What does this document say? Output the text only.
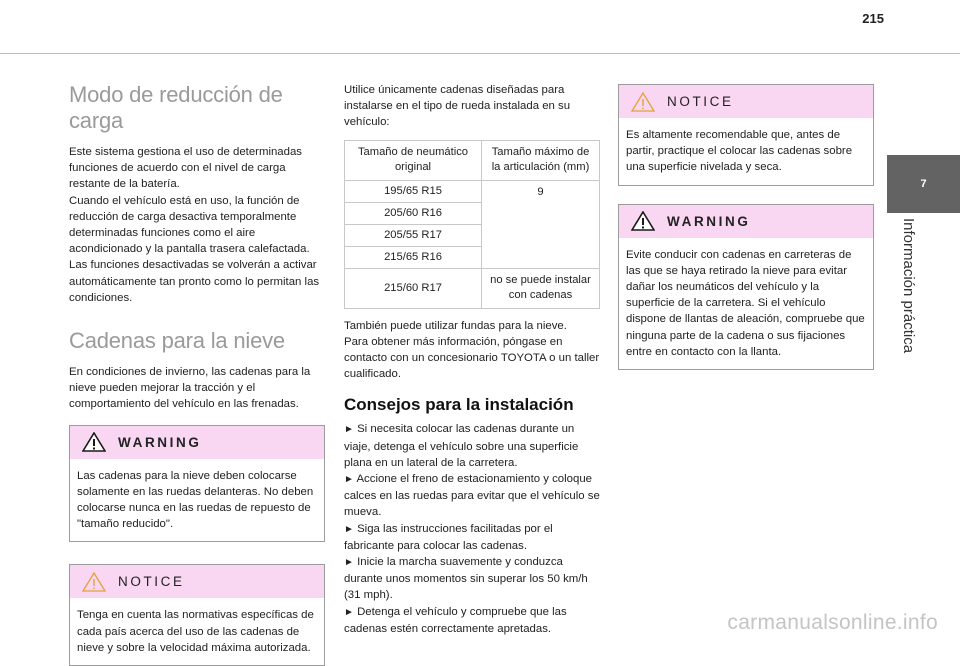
215
7
Información práctica
Modo de reducción de carga

Este sistema gestiona el uso de determinadas funciones de acuerdo con el nivel de carga restante de la batería.

Cuando el vehículo está en uso, la función de reducción de carga desactiva temporalmente determinadas funciones como el aire acondicionado y la pantalla trasera calefactada.

Las funciones desactivadas se volverán a activar automáticamente tan pronto como lo permitan las condiciones.

Cadenas para la nieve

En condiciones de invierno, las cadenas para la nieve pueden mejorar la tracción y el comportamiento del vehículo en las frenadas.

WARNING

Las cadenas para la nieve deben colocarse solamente en las ruedas delanteras. No deben colocarse nunca en las ruedas de repuesto de "tamaño reducido".

NOTICE

Tenga en cuenta las normativas específicas de cada país acerca del uso de las cadenas de nieve y sobre la velocidad máxima autorizada.

Utilice únicamente cadenas diseñadas para instalarse en el tipo de rueda instalada en su vehículo:

Tamaño de neumático original	Tamaño máximo de la articulación (mm)
195/65 R15	9
205/60 R16	
205/55 R17	
215/65 R16	
215/60 R17	no se puede instalar con cadenas

También puede utilizar fundas para la nieve.

Para obtener más información, póngase en contacto con un concesionario TOYOTA o un taller cualificado.

Consejos para la instalación

► Si necesita colocar las cadenas durante un viaje, detenga el vehículo sobre una superficie plana en un lateral de la carretera.

► Accione el freno de estacionamiento y coloque calces en las ruedas para evitar que el vehículo se mueva.

► Siga las instrucciones facilitadas por el fabricante para colocar las cadenas.

► Inicie la marcha suavemente y conduzca durante unos momentos sin superar los 50 km/h (31 mph).

► Detenga el vehículo y compruebe que las cadenas estén correctamente apretadas.

NOTICE

Es altamente recomendable que, antes de partir, practique el colocar las cadenas sobre una superficie nivelada y seca.

WARNING

Evite conducir con cadenas en carreteras de las que se haya retirado la nieve para evitar dañar los neumáticos del vehículo y la superficie de la carretera. Si el vehículo dispone de llantas de aleación, compruebe que ninguna parte de la cadena o sus fijaciones entre en contacto con la llanta.

carmanualsonline.info
